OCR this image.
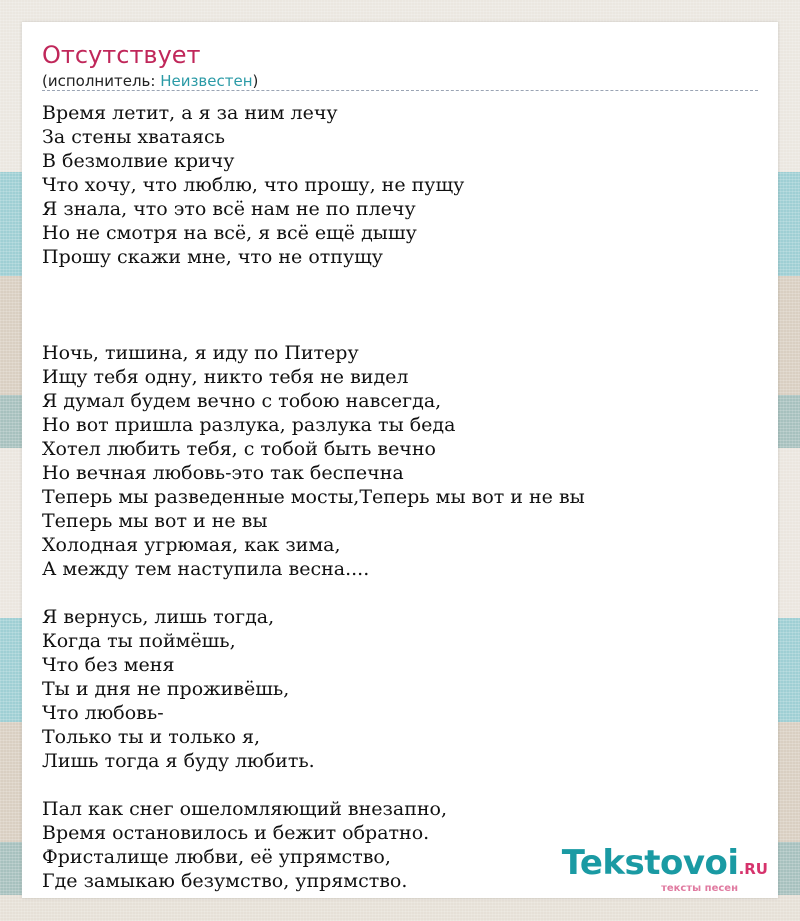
Отсутствует
(исполнитель: Неизвестен)
Время летит, а я за ним лечу
За стены хватаясь
В безмолвие кричу
Что хочу, что люблю, что прошу, не пущу
Я знала, что это всё нам не по плечу
Но не смотря на всё, я всё ещё дышу
Прошу скажи мне, что не отпущу
Ночь, тишина, я иду по Питеру
Ищу тебя одну, никто тебя не видел
Я думал будем вечно с тобою навсегда,
Но вот пришла разлука, разлука ты беда
Хотел любить тебя, с тобой быть вечно
Но вечная любовь-это так беспечна
Теперь мы разведенные мосты,Теперь мы вот и не вы
Теперь мы вот и не вы
Холодная угрюмая, как зима,
А между тем наступила весна....
Я вернусь, лишь тогда,
Когда ты поймёшь,
Что без меня
Ты и дня не проживёшь,
Что любовь-
Только ты и только я,
Лишь тогда я буду любить.
Пал как снег ошеломляющий внезапно,
Время остановилось и бежит обратно.
Фристалище любви, её упрямство,
Где замыкаю безумство, упрямство.	Tekstovoi.RU
тексты песен
